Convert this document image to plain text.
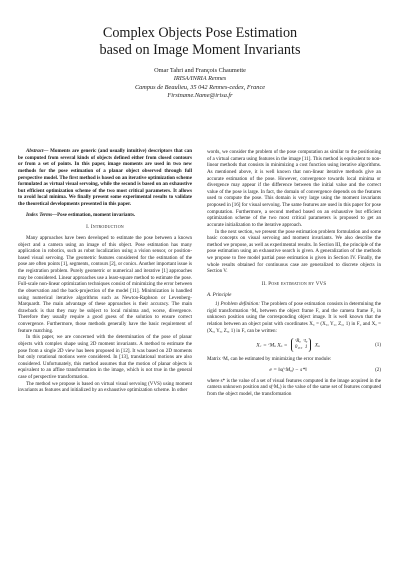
Complex Objects Pose Estimation
based on Image Moment Invariants
Omar Tahri and François Chaumette
IRISA/INRIA Rennes
Campus de Beaulieu, 35 042 Rennes-cedex, France
Firstname.Name@irisa.fr

Abstract— Moments are generic (and usually intuitive) descriptors that can be computed from several kinds of objects defined either from closed contours or from a set of points. In this paper, image moments are used in two new methods for the pose estimation of a planar object observed through full perspective model. The first method is based on an iterative optimization scheme formulated as virtual visual servoing, while the second is based on an exhaustive but efficient optimization scheme of the two most critical parameters. It allows to avoid local minima. We finally present some experimental results to validate the theoretical developments presented in this paper.

Index Terms—Pose estimation, moment invariants.

I. Introduction

Many approaches have been developed to estimate the pose between a known object and a camera using an image of this object. Pose estimation has many application in robotics, such as robot localization using a vision sensor, or position-based visual servoing. The geometric features considered for the estimation of the pose are often points [1], segments, contours [2], or conics. Another important issue is the registration problem. Purely geometric or numerical and iterative [1] approaches may be considered. Linear approaches use a least-square method to estimate the pose. Full-scale non-linear optimization techniques consist of minimizing the error between the observation and the back-projection of the model [11]. Minimization is handled using numerical iterative algorithms such as Newton-Raphson or Levenberg-Marquardt. The main advantage of these approaches is their accuracy. The main drawback is that they may be subject to local minima and, worse, divergence. Therefore they usually require a good guess of the solution to ensure correct convergence. Furthermore, those methods generally have the basic requirement of feature matching.

In this paper, we are concerned with the determination of the pose of planar objects with complex shape using 2D moment invariants. A method to estimate the pose from a single 2D view has been proposed in [12]. It was based on 2D moments but only rotational motions were considered. In [13], translational motions are also considered. Unfortunately, this method assumes that the motion of planar objects is equivalent to an affine transformation in the image, which is not true in the general case of perspective transformation.

The method we propose is based on virtual visual servoing (VVS) using moment invariants as features and initialized by an exhaustive optimization scheme. In other

words, we consider the problem of the pose computation as similar to the positioning of a virtual camera using features in the image [11]. This method is equivalent to non-linear methods that consists in minimizing a cost function using iterative algorithms. As mentioned above, it is well known that non-linear iterative methods give an accurate estimation of the pose. However, convergence towards local minima or divergence may appear if the difference between the initial value and the correct value of the pose is large. In fact, the domain of convergence depends on the features used to compute the pose. This domain is very large using the moment invariants proposed in [16] for visual servoing. The same features are used in this paper for pose computation. Furthermore, a second method based on an exhaustive but efficient optimization scheme of the two most critical parameters is proposed to get an accurate initialization to the iterative approach.

In the next section, we present the pose estimation problem formulation and some basic concepts on visual servoing and moment invariants. We also describe the method we propose, as well as experimental results. In Section III, the principle of the pose estimation using an exhaustive search is given. A generalization of the methods we propose to free model partial pose estimation is given in Section IV. Finally, the whole results obtained for continuous case are generalized to discrete objects in Section V.

II. Pose estimation by VVS
A. Principle

1) Problem definition: The problem of pose estimation consists in determining the rigid transformation ᶜMₒ between the object frame Fₒ and the camera frame F꜀ in unknown position using the corresponding object image. It is well known that the relation between an object point with coordinates X꜀ = (X꜀, Y꜀, Z꜀, 1) in F꜀ and Xₒ = (Xₒ, Yₒ, Zₒ, 1) in Fₒ can be written:

X꜀ = ᶜMₒ Xₒ = ᶜRₒ ᶜtₒ
0₁ₓ₃ 1 Xₒ	(1)

Matrix ᶜMₒ can be estimated by minimizing the error module:

e = ‖s(ᶜMₒ) − s*‖	(2)

where s* is the value of a set of visual features computed in the image acquired in the camera unknown position and s(ᶜMₒ) is the value of the same set of features computed from the object model, the transformation
